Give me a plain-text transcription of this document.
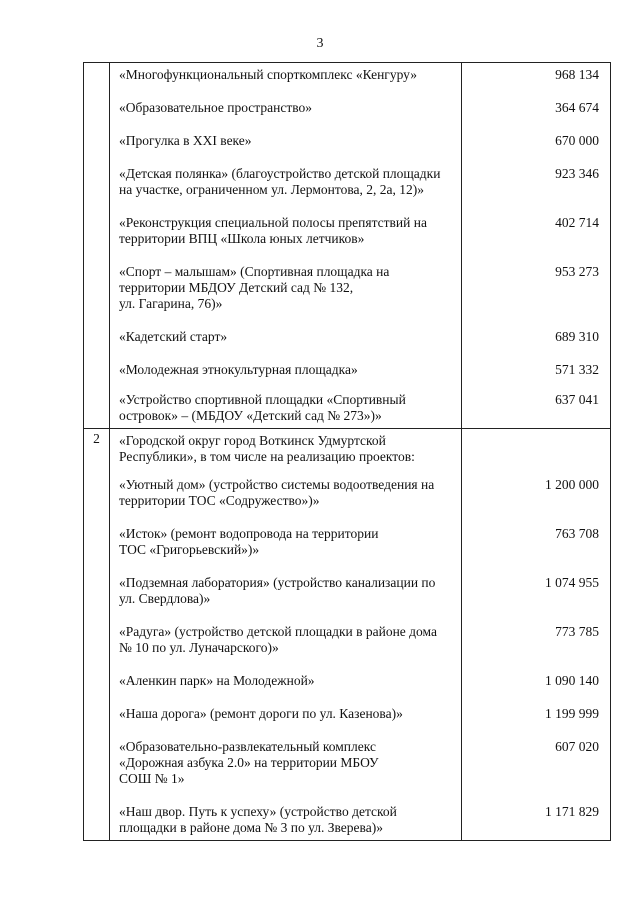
3

	«Многофункциональный спорткомплекс «Кенгуру»	968 134

	«Образовательное пространство»	364 674

	«Прогулка в XXI веке»	670 000

	«Детская полянка» (благоустройство детской площадки
на участке, ограниченном ул. Лермонтова, 2, 2а, 12)»	923 346

	«Реконструкция специальной полосы препятствий на
территории ВПЦ «Школа юных летчиков»	402 714

	«Спорт – малышам» (Спортивная площадка на
территории МБДОУ Детский сад № 132,
ул. Гагарина, 76)»	953 273

	«Кадетский старт»	689 310

	«Молодежная этнокультурная площадка»	571 332

	«Устройство спортивной площадки «Спортивный
островок» – (МБДОУ «Детский сад № 273»)»	637 041

2	«Городской округ город Воткинск Удмуртской
Республики», в том числе на реализацию проектов:	

	«Уютный дом» (устройство системы водоотведения на
территории ТОС «Содружество»)»	1 200 000

	«Исток» (ремонт водопровода на территории
ТОС «Григорьевский»)»	763 708

	«Подземная лаборатория» (устройство канализации по
ул. Свердлова)»	1 074 955

	«Радуга» (устройство детской площадки в районе дома
№ 10 по ул. Луначарского)»	773 785

	«Аленкин парк» на Молодежной»	1 090 140

	«Наша дорога» (ремонт дороги по ул. Казенова)»	1 199 999

	«Образовательно-развлекательный комплекс
«Дорожная азбука 2.0» на территории МБОУ
СОШ № 1»	607 020

	«Наш двор. Путь к успеху» (устройство детской
площадки в районе дома № 3 по ул. Зверева)»	1 171 829
